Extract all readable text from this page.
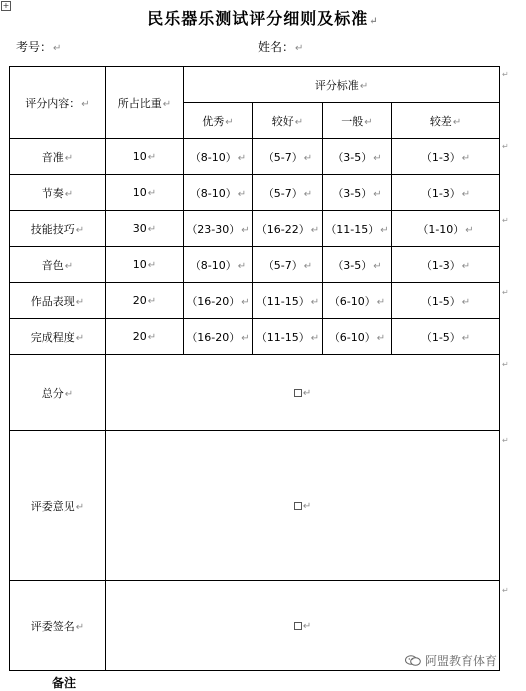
+
民乐器乐测试评分细则及标准↵
考号：↵	姓名：↵
评分内容：↵	所占比重↵	评分标准↵			
		优秀↵	较好↵	一般↵	较差↵
音准↵	10↵	（8-10）↵	（5-7）↵	（3-5）↵	（1-3）↵
节奏↵	10↵	（8-10）↵	（5-7）↵	（3-5）↵	（1-3）↵
技能技巧↵	30↵	（23-30）↵	（16-22）↵	（11-15）↵	（1-10）↵
音色↵	10↵	（8-10）↵	（5-7）↵	（3-5）↵	（1-3）↵
作品表现↵	20↵	（16-20）↵	（11-15）↵	（6-10）↵	（1-5）↵
完成程度↵	20↵	（16-20）↵	（11-15）↵	（6-10）↵	（1-5）↵
总分↵	↵				
评委意见↵	↵				
评委签名↵	↵				
↵
↵
↵
↵
↵
↵
↵
阿盟教育体育
备注
